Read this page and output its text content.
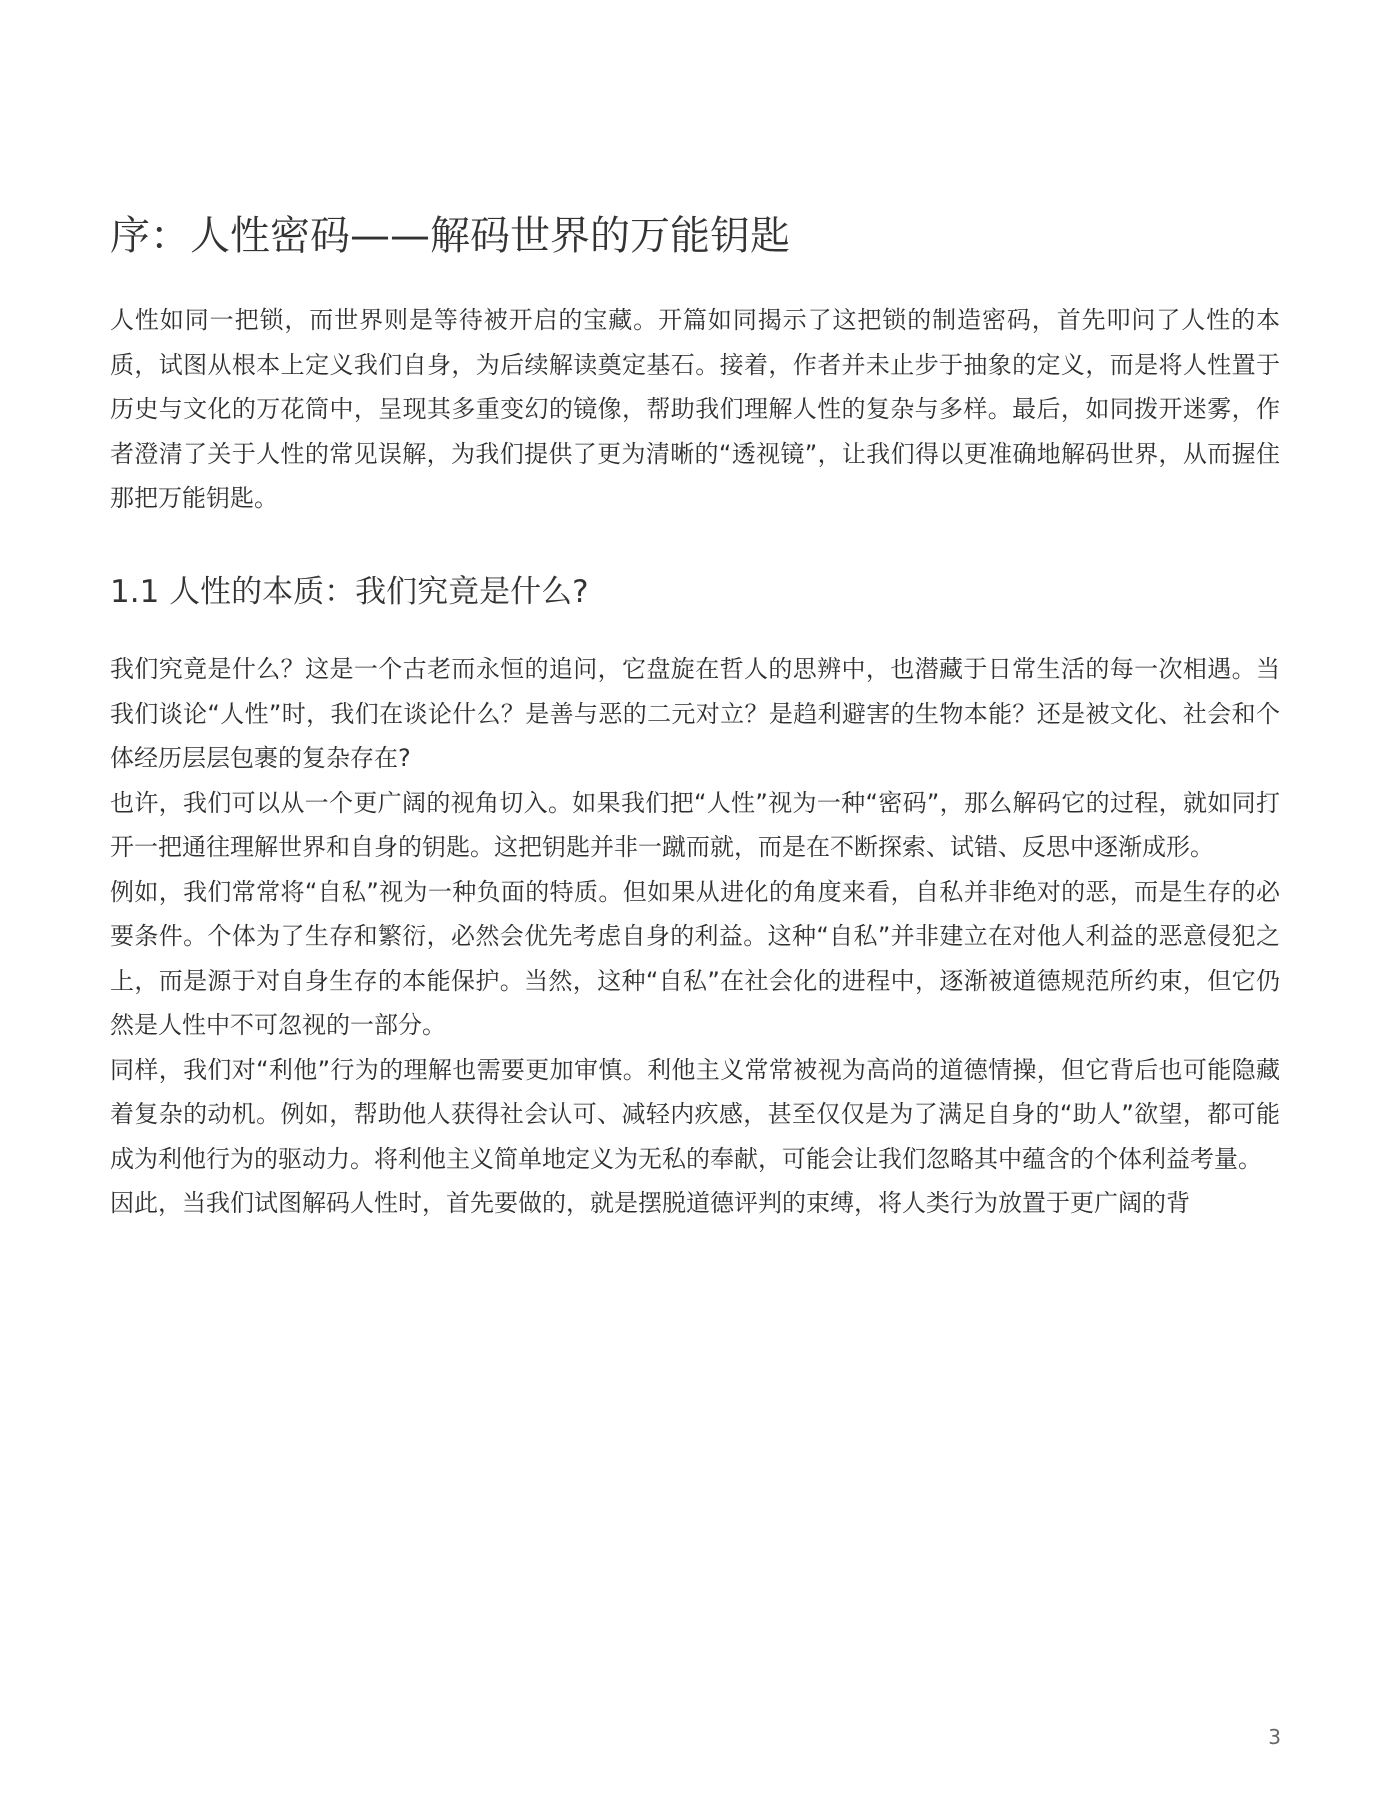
序：人性密码——解码世界的万能钥匙

人性如同一把锁，而世界则是等待被开启的宝藏。开篇如同揭示了这把锁的制造密码，首先叩问了人性的本质，试图从根本上定义我们自身，为后续解读奠定基石。接着，作者并未止步于抽象的定义，而是将人性置于历史与文化的万花筒中，呈现其多重变幻的镜像，帮助我们理解人性的复杂与多样。最后，如同拨开迷雾，作者澄清了关于人性的常见误解，为我们提供了更为清晰的“透视镜”，让我们得以更准确地解码世界，从而握住那把万能钥匙。

1.1 人性的本质：我们究竟是什么?

我们究竟是什么？这是一个古老而永恒的追问，它盘旋在哲人的思辨中，也潜藏于日常生活的每一次相遇。当我们谈论“人性”时，我们在谈论什么？是善与恶的二元对立？是趋利避害的生物本能？还是被文化、社会和个体经历层层包裹的复杂存在?

也许，我们可以从一个更广阔的视角切入。如果我们把“人性”视为一种“密码”，那么解码它的过程，就如同打开一把通往理解世界和自身的钥匙。这把钥匙并非一蹴而就，而是在不断探索、试错、反思中逐渐成形。

例如，我们常常将“自私”视为一种负面的特质。但如果从进化的角度来看，自私并非绝对的恶，而是生存的必要条件。个体为了生存和繁衍，必然会优先考虑自身的利益。这种“自私”并非建立在对他人利益的恶意侵犯之上，而是源于对自身生存的本能保护。当然，这种“自私”在社会化的进程中，逐渐被道德规范所约束，但它仍然是人性中不可忽视的一部分。

同样，我们对“利他”行为的理解也需要更加审慎。利他主义常常被视为高尚的道德情操，但它背后也可能隐藏着复杂的动机。例如，帮助他人获得社会认可、减轻内疚感，甚至仅仅是为了满足自身的“助人”欲望，都可能成为利他行为的驱动力。将利他主义简单地定义为无私的奉献，可能会让我们忽略其中蕴含的个体利益考量。

因此，当我们试图解码人性时，首先要做的，就是摆脱道德评判的束缚，将人类行为放置于更广阔的背

3
